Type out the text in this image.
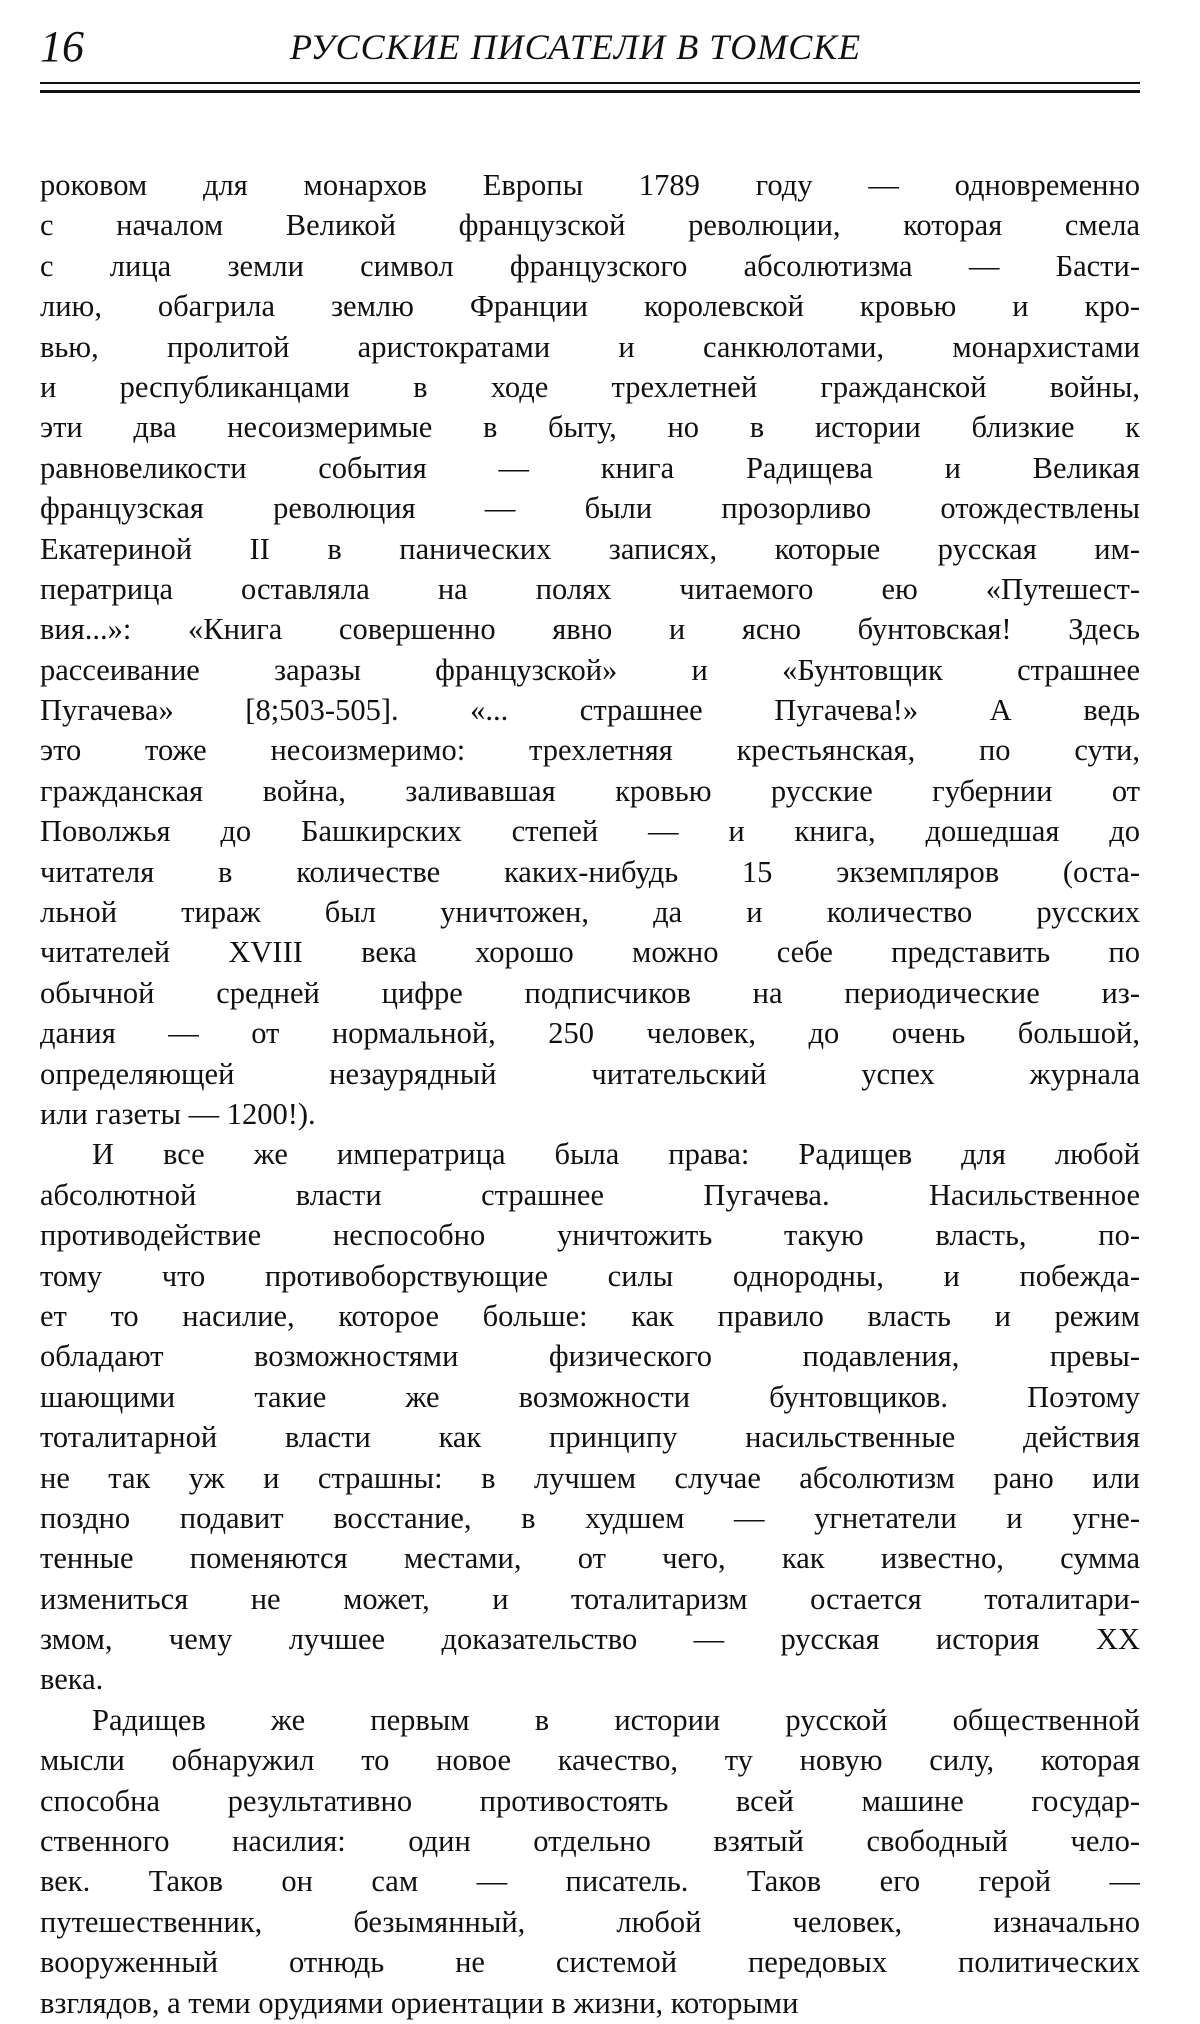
16	РУССКИЕ ПИСАТЕЛИ В ТОМСКЕ
роковом для монархов Европы 1789 году — одновременно
с началом Великой французской революции, которая смела
с лица земли символ французского абсолютизма — Басти-
лию, обагрила землю Франции королевской кровью и кро-
вью, пролитой аристократами и санкюлотами, монархистами
и республиканцами в ходе трехлетней гражданской войны,
эти два несоизмеримые в быту, но в истории близкие к
равновеликости события — книга Радищева и Великая
французская революция — были прозорливо отождествлены
Екатериной II в панических записях, которые русская им-
ператрица оставляла на полях читаемого ею «Путешест-
вия...»: «Книга совершенно явно и ясно бунтовская! Здесь
рассеивание заразы французской» и «Бунтовщик страшнее
Пугачева» [8;503-505]. «... страшнее Пугачева!» А ведь
это тоже несоизмеримо: трехлетняя крестьянская, по сути,
гражданская война, заливавшая кровью русские губернии от
Поволжья до Башкирских степей — и книга, дошедшая до
читателя в количестве каких-нибудь 15 экземпляров (оста-
льной тираж был уничтожен, да и количество русских
читателей XVIII века хорошо можно себе представить по
обычной средней цифре подписчиков на периодические из-
дания — от нормальной, 250 человек, до очень большой,
определяющей незаурядный читательский успех журнала
или газеты — 1200!).
И все же императрица была права: Радищев для любой
абсолютной власти страшнее Пугачева. Насильственное
противодействие неспособно уничтожить такую власть, по-
тому что противоборствующие силы однородны, и побежда-
ет то насилие, которое больше: как правило власть и режим
обладают возможностями физического подавления, превы-
шающими такие же возможности бунтовщиков. Поэтому
тоталитарной власти как принципу насильственные действия
не так уж и страшны: в лучшем случае абсолютизм рано или
поздно подавит восстание, в худшем — угнетатели и угне-
тенные поменяются местами, от чего, как известно, сумма
измениться не может, и тоталитаризм остается тоталитари-
змом, чему лучшее доказательство — русская история XX
века.
Радищев же первым в истории русской общественной
мысли обнаружил то новое качество, ту новую силу, которая
способна результативно противостоять всей машине государ-
ственного насилия: один отдельно взятый свободный чело-
век. Таков он сам — писатель. Таков его герой —
путешественник, безымянный, любой человек, изначально
вооруженный отнюдь не системой передовых политических
взглядов, а теми орудиями ориентации в жизни, которыми
